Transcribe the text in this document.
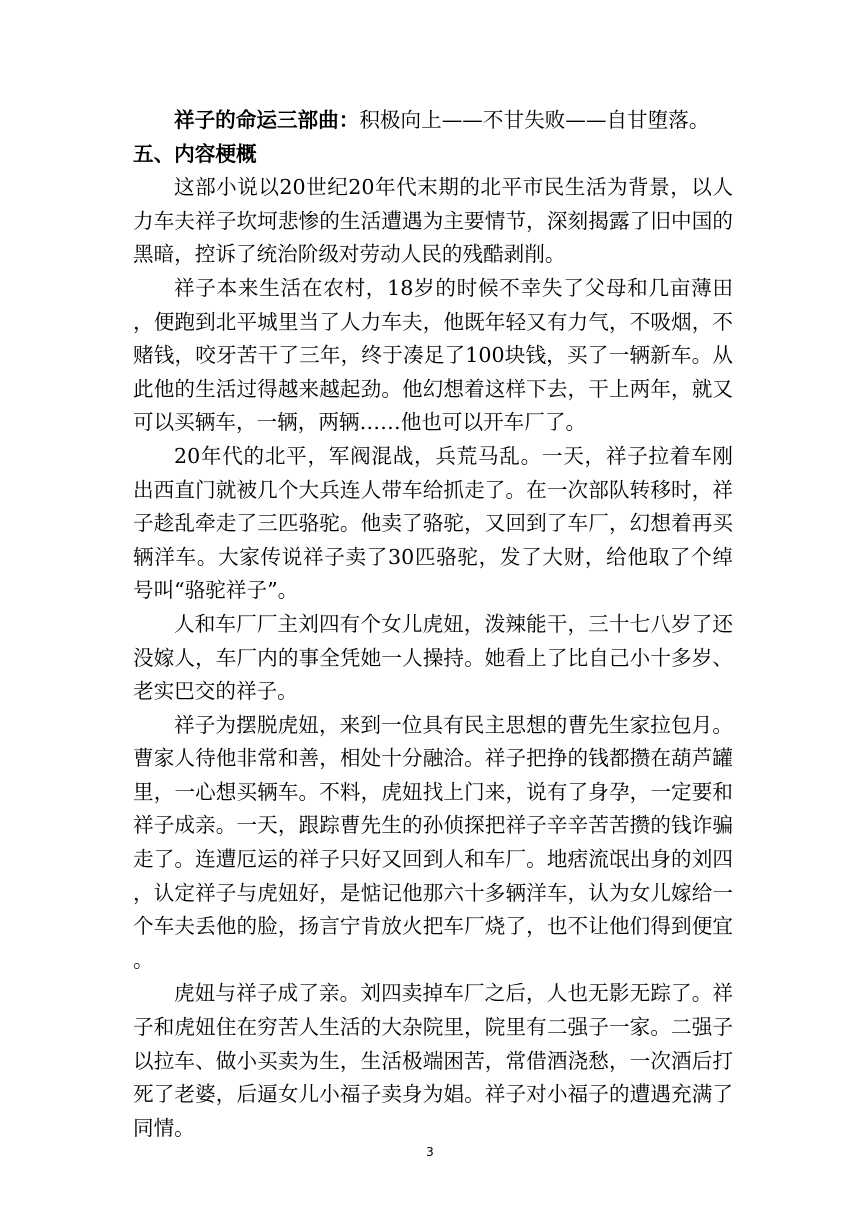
祥子的命运三部曲：积极向上——不甘失败——自甘堕落。

五、内容梗概

这部小说以20世纪20年代末期的北平市民生活为背景，以人力车夫祥子坎坷悲惨的生活遭遇为主要情节，深刻揭露了旧中国的黑暗，控诉了统治阶级对劳动人民的残酷剥削。

祥子本来生活在农村，18岁的时候不幸失了父母和几亩薄田，便跑到北平城里当了人力车夫，他既年轻又有力气，不吸烟，不赌钱，咬牙苦干了三年，终于凑足了100块钱，买了一辆新车。从此他的生活过得越来越起劲。他幻想着这样下去，干上两年，就又可以买辆车，一辆，两辆……他也可以开车厂了。

20年代的北平，军阀混战，兵荒马乱。一天，祥子拉着车刚出西直门就被几个大兵连人带车给抓走了。在一次部队转移时，祥子趁乱牵走了三匹骆驼。他卖了骆驼，又回到了车厂，幻想着再买辆洋车。大家传说祥子卖了30匹骆驼，发了大财，给他取了个绰号叫“骆驼祥子”。

人和车厂厂主刘四有个女儿虎妞，泼辣能干，三十七八岁了还没嫁人，车厂内的事全凭她一人操持。她看上了比自己小十多岁、老实巴交的祥子。

祥子为摆脱虎妞，来到一位具有民主思想的曹先生家拉包月。曹家人待他非常和善，相处十分融洽。祥子把挣的钱都攒在葫芦罐里，一心想买辆车。不料，虎妞找上门来，说有了身孕，一定要和祥子成亲。一天，跟踪曹先生的孙侦探把祥子辛辛苦苦攒的钱诈骗走了。连遭厄运的祥子只好又回到人和车厂。地痞流氓出身的刘四，认定祥子与虎妞好，是惦记他那六十多辆洋车，认为女儿嫁给一个车夫丢他的脸，扬言宁肯放火把车厂烧了，也不让他们得到便宜。

虎妞与祥子成了亲。刘四卖掉车厂之后，人也无影无踪了。祥子和虎妞住在穷苦人生活的大杂院里，院里有二强子一家。二强子以拉车、做小买卖为生，生活极端困苦，常借酒浇愁，一次酒后打死了老婆，后逼女儿小福子卖身为娼。祥子对小福子的遭遇充满了同情。

3
